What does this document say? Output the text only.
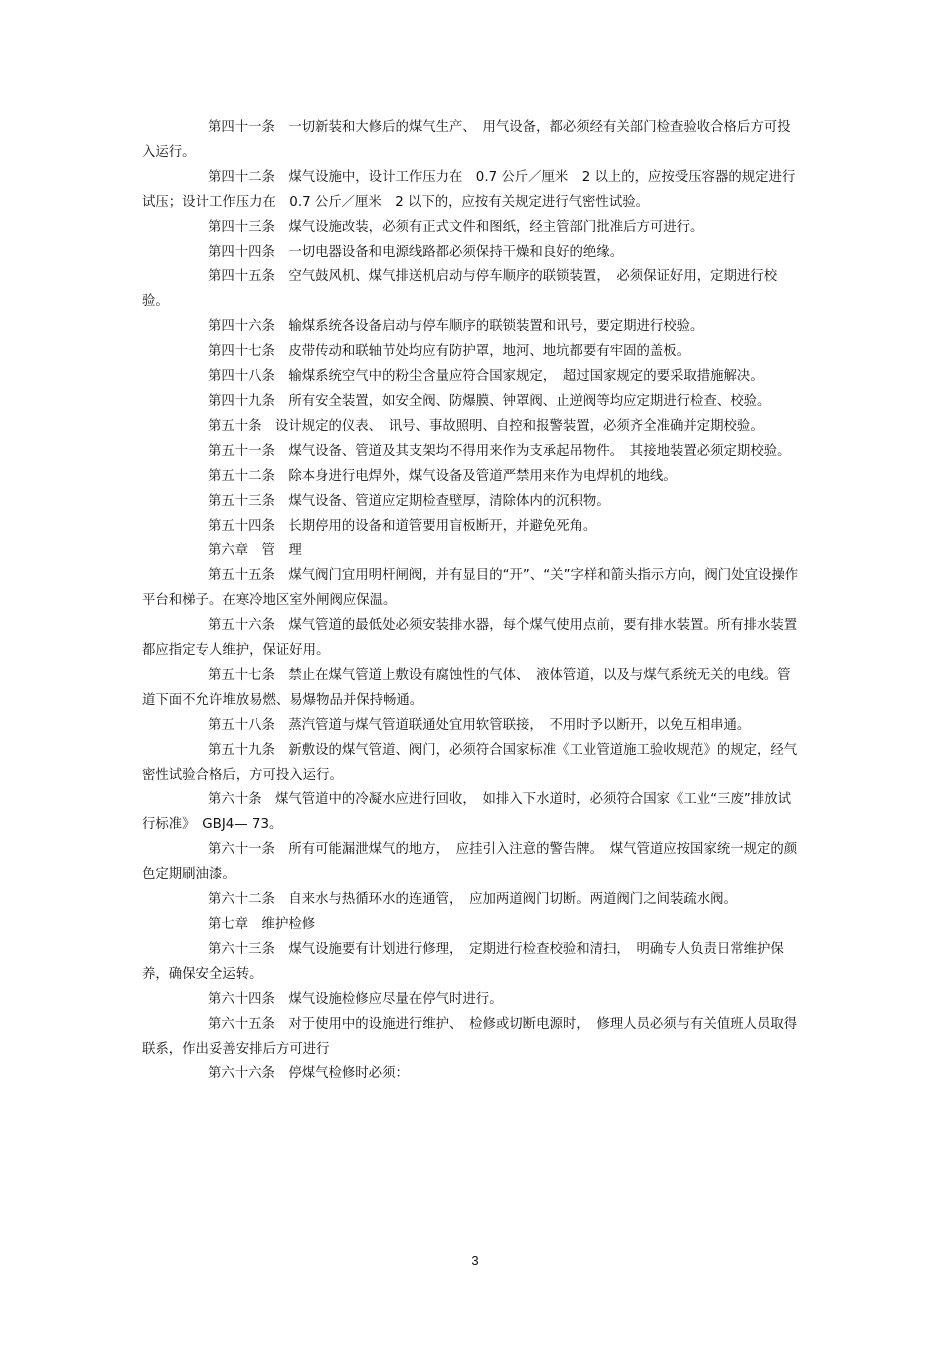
第四十一条　一切新装和大修后的煤气生产、　用气设备，都必须经有关部门检查验收合格后方可投入运行。

第四十二条　煤气设施中，设计工作压力在　0.7 公斤／厘米　2 以上的，应按受压容器的规定进行试压；设计工作压力在　0.7 公斤／厘米　2 以下的，应按有关规定进行气密性试验。

第四十三条　煤气设施改装，必须有正式文件和图纸，经主管部门批准后方可进行。

第四十四条　一切电器设备和电源线路都必须保持干燥和良好的绝缘。

第四十五条　空气鼓风机、煤气排送机启动与停车顺序的联锁装置，　必须保证好用，定期进行校验。

第四十六条　输煤系统各设备启动与停车顺序的联锁装置和讯号，要定期进行校验。

第四十七条　皮带传动和联轴节处均应有防护罩，地河、地坑都要有牢固的盖板。

第四十八条　输煤系统空气中的粉尘含量应符合国家规定，　超过国家规定的要采取措施解决。

第四十九条　所有安全装置，如安全阀、防爆膜、钟罩阀、止逆阀等均应定期进行检查、校验。

第五十条　设计规定的仪表、　讯号、事故照明、自控和报警装置，必须齐全准确并定期校验。

第五十一条　煤气设备、管道及其支架均不得用来作为支承起吊物件。　其接地装置必须定期校验。

第五十二条　除本身进行电焊外，煤气设备及管道严禁用来作为电焊机的地线。

第五十三条　煤气设备、管道应定期检查壁厚，清除体内的沉积物。

第五十四条　长期停用的设备和道管要用盲板断开，并避免死角。

第六章　管　理

第五十五条　煤气阀门宜用明杆闸阀，并有显目的“开”、“关”字样和箭头指示方向，阀门处宜设操作平台和梯子。在寒冷地区室外闸阀应保温。

第五十六条　煤气管道的最低处必须安装排水器，每个煤气使用点前，要有排水装置。所有排水装置都应指定专人维护，保证好用。

第五十七条　禁止在煤气管道上敷设有腐蚀性的气体、　液体管道，以及与煤气系统无关的电线。管道下面不允许堆放易燃、易爆物品并保持畅通。

第五十八条　蒸汽管道与煤气管道联通处宜用软管联接，　不用时予以断开，以免互相串通。

第五十九条　新敷设的煤气管道、阀门，必须符合国家标准《工业管道施工验收规范》的规定，经气密性试验合格后，方可投入运行。

第六十条　煤气管道中的冷凝水应进行回收，　如排入下水道时，必须符合国家《工业“三废”排放试行标准》　GBJ4— 73。

第六十一条　所有可能漏泄煤气的地方，　应挂引入注意的警告牌。　煤气管道应按国家统一规定的颜色定期刷油漆。

第六十二条　自来水与热循环水的连通管，　应加两道阀门切断。两道阀门之间装疏水阀。

第七章　维护检修

第六十三条　煤气设施要有计划进行修理，　定期进行检查校验和清扫，　明确专人负责日常维护保养，确保安全运转。

第六十四条　煤气设施检修应尽量在停气时进行。

第六十五条　对于使用中的设施进行维护、　检修或切断电源时，　修理人员必须与有关值班人员取得联系，作出妥善安排后方可进行

第六十六条　停煤气检修时必须：

3
